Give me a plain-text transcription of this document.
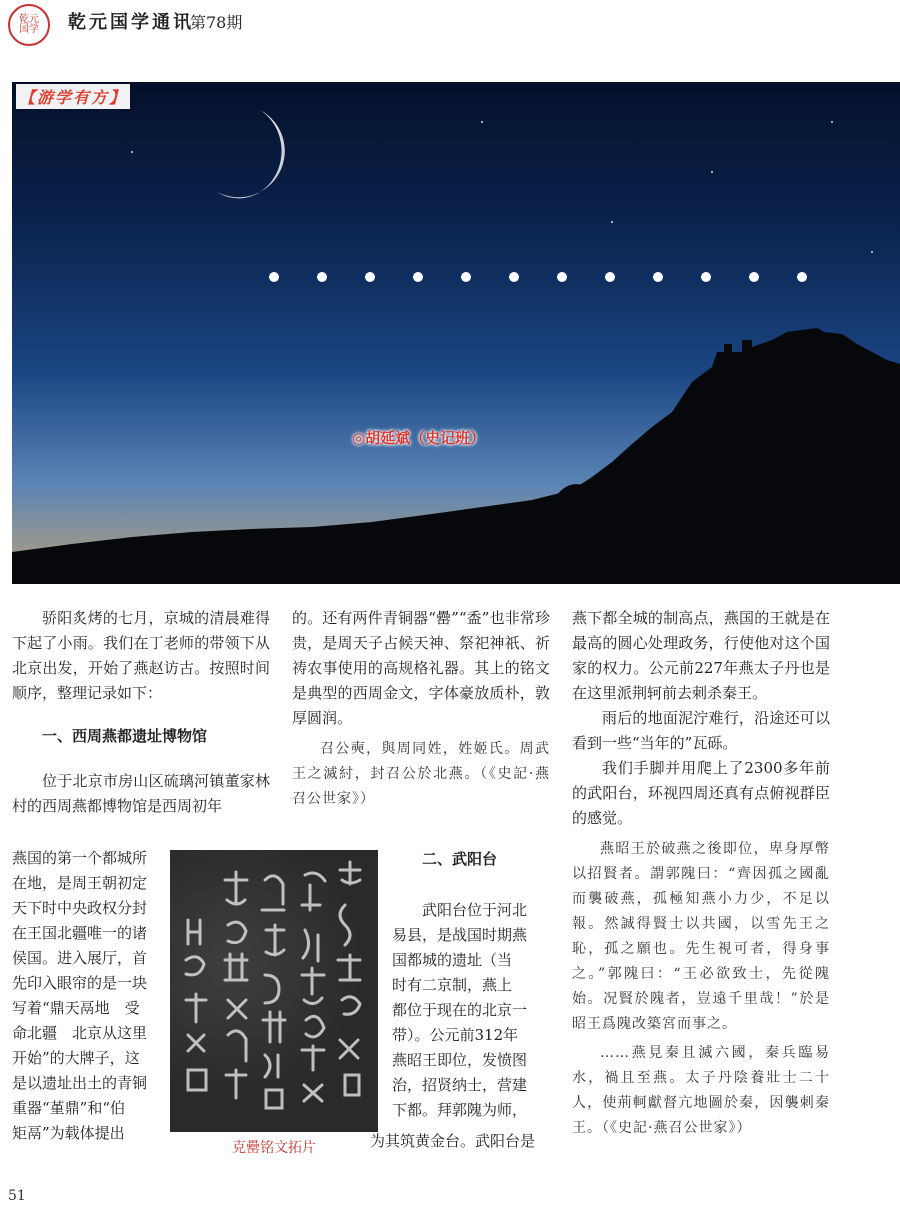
乾元国学 乾元国学通讯
第78期
【游学有方】
◎胡延斌（史记班）

骄阳炙烤的七月，京城的清晨难得下起了小雨。我们在丁老师的带领下从北京出发，开始了燕赵访古。按照时间顺序，整理记录如下：

一、西周燕都遗址博物馆

位于北京市房山区硫璃河镇董家林村的西周燕都博物馆是西周初年

燕国的第一个都城所
在地，是周王朝初定
天下时中央政权分封
在王国北疆唯一的诸
侯国。进入展厅，首
先印入眼帘的是一块
写着“鼎天鬲地　受
命北疆　北京从这里
开始”的大牌子，这
是以遗址出土的青铜
重器“堇鼎”和“伯
矩鬲”为载体提出
克罍铭文拓片

的。还有两件青铜器“罍”“盉”也非常珍贵，是周天子占候天神、祭祀神祇、祈祷农事使用的高规格礼器。其上的铭文是典型的西周金文，字体豪放质朴，敦厚圆润。

召公奭，與周同姓，姓姬氏。周武王之滅紂，封召公於北燕。（《史記·燕召公世家》）

二、武阳台
武阳台位于河北
易县，是战国时期燕
国都城的遗址（当
时有二京制，燕上
都位于现在的北京一
带）。公元前312年
燕昭王即位，发愤图
治，招贤纳士，营建
下都。拜郭隗为师，
为其筑黄金台。武阳台是

燕下都全城的制高点，燕国的王就是在最高的圆心处理政务，行使他对这个国家的权力。公元前227年燕太子丹也是在这里派荆轲前去刺杀秦王。

雨后的地面泥泞难行，沿途还可以看到一些“当年的”瓦砾。

我们手脚并用爬上了2300多年前的武阳台，环视四周还真有点俯视群臣的感觉。

燕昭王於破燕之後即位，卑身厚幣以招賢者。謂郭隗曰：“齊因孤之國亂而襲破燕，孤極知燕小力少，不足以報。然誠得賢士以共國，以雪先王之恥，孤之願也。先生視可者，得身事之。”郭隗曰：“王必欲致士，先從隗始。况賢於隗者，豈遠千里哉！”於是昭王爲隗改築宮而事之。

……燕見秦且滅六國，秦兵臨易水，禍且至燕。太子丹陰養壯士二十人，使荊軻獻督亢地圖於秦，因襲刺秦王。（《史記·燕召公世家》）

51
